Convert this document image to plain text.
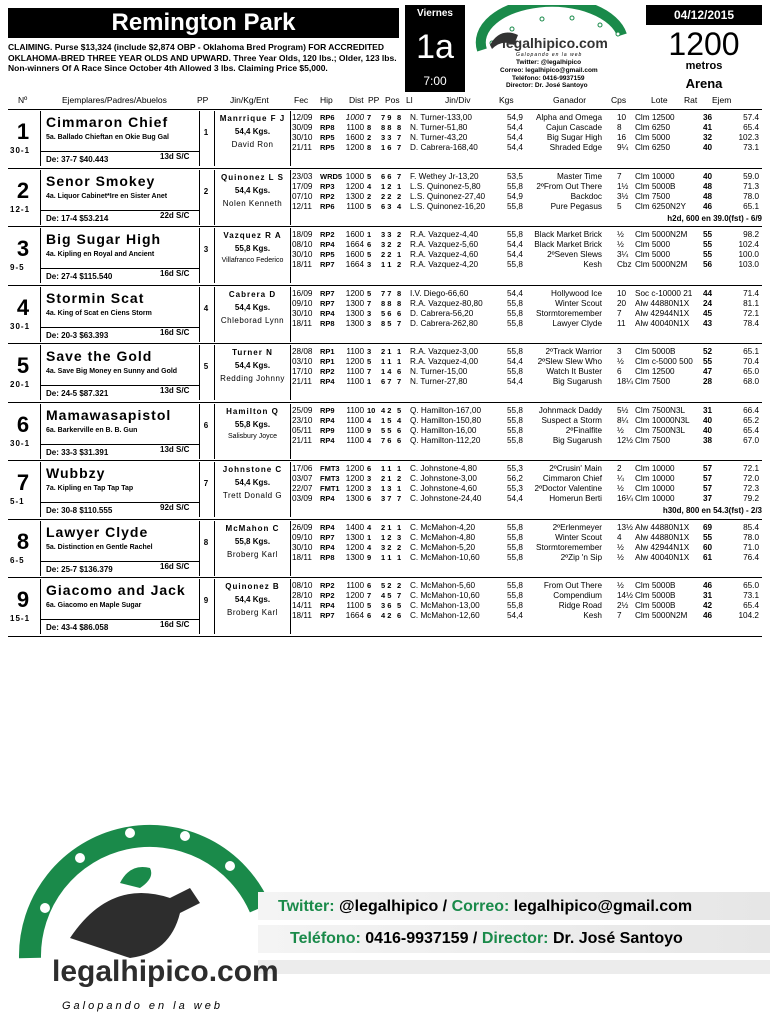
Remington Park
CLAIMING. Purse $13,324 (include $2,874 OBP - Oklahoma Bred Program) FOR ACCREDITED OKLAHOMA-BRED THREE YEAR OLDS AND UPWARD. Three Year Olds, 120 lbs.; Older, 123 lbs. Non-winners Of A Race Since October 4th Allowed 3 lbs. Claiming Price $5,000.
Viernes
1a
7:00
legalhipico.com
Galopando en la web
Twitter: @legalhipico
Correo: legalhipico@gmail.com
Teléfono: 0416-9937159
Director: Dr. José Santoyo
04/12/2015
1200
metros
Arena
Nº	Ejemplares/Padres/Abuelos	PP	Jin/Kg/Ent	Fec Hip Dist PP Pos Ll	Jin/Div	Kgs	Ganador	Cps	Lote Rat Ejem
1
30-1
Cimmaron Chief
5a. Ballado Chieftan en Okie Bug Gal
De: 37-7 $40.443	13d S/C
1
Manrrique F J
54,4 Kgs.
David Ron
12/09 RP6 1000 7 7 9 8 N. Turner-133,00	54,9	Alpha and Omega 10 Clm 12500	36	57.4
30/09 RP8 1100 8 8 8 8 N. Turner-51,80	54,4	Cajun Cascade 8 Clm 6250	41	65.4
30/10 RP5 1600 2 3 3 7 N. Turner-43,20	54,4	Big Sugar High 16 Clm 5000	32	102.3
21/11 RP5 1200 8 1 6 7 D. Cabrera-168,40	54,4	Shraded Edge 9¼ Clm 6250	40	73.1
2
12-1
Senor Smokey
4a. Liquor Cabinet*Ire en Sister Anet
De: 17-4 $53.214	22d S/C
2
Quinonez L S
54,4 Kgs.
Nolen Kenneth
23/03 WRD5 1000 5 6 6 7 F. Wethey Jr-13,20	53,5	Master Time 7 Clm 10000	40	59.0
17/09 RP3 1200 4 1 2 1 L.S. Quinonez-5,80	55,8	2ºFrom Out There 1½ Clm 5000B	48	71.3
07/10 RP2 1300 2 2 2 2 L.S. Quinonez-27,40	54,9	Backdoc 3½ Clm 7500	48	78.0
12/11 RP6 1100 5 6 3 4 L.S. Quinonez-16,20	55,8	Pure Pegasus 5 Clm 6250N2Y 46	65.1
h2d, 600 en 39.0(fst) - 6/9
3
9-5
Big Sugar High
4a. Kipling en Royal and Ancient
De: 27-4 $115.540	16d S/C
3
Vazquez R A
55,8 Kgs.
Villafranco Federico
18/09 RP2 1600 1 3 3 2 R.A. Vazquez-4,40	55,8 Black Market Brick ½ Clm 5000N2M 55	98.2
08/10 RP4 1664 6 3 2 2 R.A. Vazquez-5,60	54,4 Black Market Brick ½ Clm 5000	55	102.4
30/10 RP5 1600 5 2 2 1 R.A. Vazquez-4,60	54,4	2ºSeven Slews 3¼ Clm 5000	55	100.0
18/11 RP7 1664 3 1 1 2 R.A. Vazquez-4,20	55,8	Kesh Cbz Clm 5000N2M 56	103.0
4
30-1
Stormin Scat
4a. King of Scat en Ciens Storm
De: 20-3 $63.393	16d S/C
4
Cabrera D
54,4 Kgs.
Chleborad Lynn
16/09 RP7 1200 5 7 7 8 I.V. Diego-66,60	54,4	Hollywood Ice 10 Soc c-10000 21 44	71.4
09/10 RP7 1300 7 8 8 8 R.A. Vazquez-80,80	55,8	Winter Scout 20 Alw 44880N1X 24	81.1
30/10 RP4 1300 3 5 6 6 D. Cabrera-56,20	55,8	Stormtoremember 7 Alw 42944N1X 45	72.1
18/11 RP8 1300 3 8 5 7 D. Cabrera-262,80	55,8	Lawyer Clyde 11 Alw 40040N1X 43	78.4
5
20-1
Save the Gold
4a. Save Big Money en Sunny and Gold
De: 24-5 $87.321	13d S/C
5
Turner N
54,4 Kgs.
Redding Johnny
28/08 RP1 1100 3 2 1 1 R.A. Vazquez-3,00	55,8	2ºTrack Warrior 3 Clm 5000B	52	65.1
03/10 RP1 1200 5 1 1 1 R.A. Vazquez-4,00	54,4	2ºSlew Slew Who ½ Clm c-5000 500 55	70.4
17/10 RP2 1100 7 1 4 6 N. Turner-15,00	55,8	Watch It Buster 6 Clm 12500	47	65.0
21/11 RP4 1100 1 6 7 7 N. Turner-27,80	54,4	Big Sugarush 18¼ Clm 7500	28	68.0
6
30-1
Mamawasapistol
6a. Barkerville en B. B. Gun
De: 33-3 $31.391	13d S/C
6
Hamilton Q
55,8 Kgs.
Salisbury Joyce
25/09 RP9 1100 10 4 2 5 Q. Hamilton-167,00	55,8	Johnmack Daddy 5½ Clm 7500N3L 31	66.4
23/10 RP4 1100 4 1 5 4 Q. Hamilton-150,80	55,8	Suspect a Storm 8¼ Clm 10000N3L 40	65.2
05/11 RP9 1100 9 5 5 6 Q. Hamilton-16,00	55,8	2ºFinalfite ½ Clm 7500N3L 40	65.4
21/11 RP4 1100 4 7 6 6 Q. Hamilton-112,20	55,8	Big Sugarush 12½ Clm 7500	38	67.0
7
5-1
Wubbzy
7a. Kipling en Tap Tap Tap
De: 30-8 $110.555	92d S/C
7
Johnstone C
54,4 Kgs.
Trett Donald G
17/06 FMT3 1200 6 1 1 1 C. Johnstone-4,80	55,3	2ºCrusin' Main 2 Clm 10000	57	72.1
03/07 FMT3 1200 3 2 1 2 C. Johnstone-3,00	56,2	Cimmaron Chief ¼ Clm 10000	57	72.0
22/07 FMT1 1200 3 1 3 1 C. Johnstone-4,60	55,3	2ºDoctor Valentine ½ Clm 10000	57	72.3
03/09 RP4 1300 6 3 7 7 C. Johnstone-24,40	54,4	Homerun Berti 16¼ Clm 10000	37	79.2
h30d, 800 en 54.3(fst) - 2/3
8
6-5
Lawyer Clyde
5a. Distinction en Gentle Rachel
De: 25-7 $136.379	16d S/C
8
McMahon C
55,8 Kgs.
Broberg Karl
26/09 RP4 1400 4 2 1 1 C. McMahon-4,20	55,8	2ºErlenmeyer 13½ Alw 44880N1X 69	85.4
09/10 RP7 1300 1 1 2 3 C. McMahon-4,80	55,8	Winter Scout 4 Alw 44880N1X 55	78.0
30/10 RP4 1200 4 3 2 2 C. McMahon-5,20	55,8	Stormtoremember ½ Alw 42944N1X 60	71.0
18/11 RP8 1300 9 1 1 1 C. McMahon-10,60	55,8	2ºZip 'n Sip ½ Alw 40040N1X 61	76.4
9
15-1
Giacomo and Jack
6a. Giacomo en Maple Sugar
De: 43-4 $86.058	16d S/C
9
Quinonez B
54,4 Kgs.
Broberg Karl
08/10 RP2 1100 6 5 2 2 C. McMahon-5,60	55,8	From Out There ½ Clm 5000B	46	65.0
28/10 RP2 1200 7 4 5 7 C. McMahon-10,60	55,8	Compendium 14½ Clm 5000B	31	73.1
14/11 RP4 1100 5 3 6 5 C. McMahon-13,00	55,8	Ridge Road 2½ Clm 5000B	42	65.4
18/11 RP7 1664 6 4 2 6 C. McMahon-12,60	54,4	Kesh 7 Clm 5000N2M 46	104.2
Twitter: @legalhipico / Correo: legalhipico@gmail.com
Teléfono: 0416-9937159 / Director: Dr. José Santoyo
legalhipico.com
Galopando en la web
